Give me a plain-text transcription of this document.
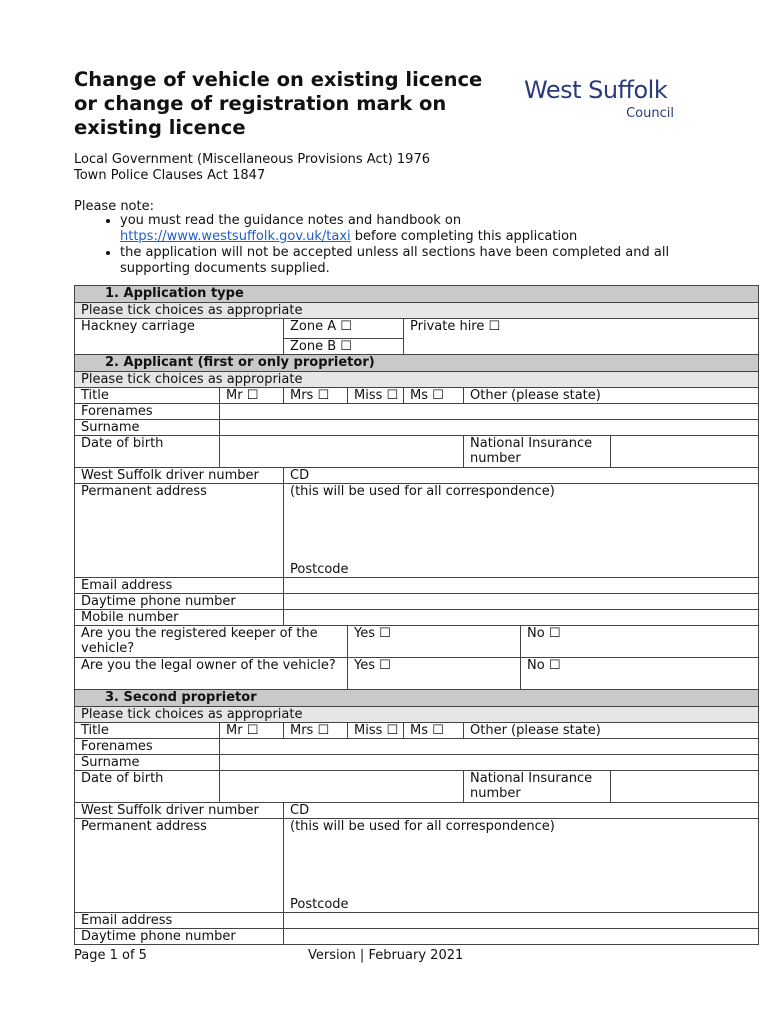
Change of vehicle on existing licence or change of registration mark on existing licence
West Suffolk
Council
Local Government (Miscellaneous Provisions Act) 1976
Town Police Clauses Act 1847
Please note:
• you must read the guidance notes and handbook on
https://www.westsuffolk.gov.uk/taxi before completing this application
• the application will not be accepted unless all sections have been completed and all supporting documents supplied.
1. Application type							
Please tick choices as appropriate							
Hackney carriage		Zone A ☐		Private hire ☐			
		Zone B ☐					
2. Applicant (first or only proprietor)							
Please tick choices as appropriate							
Title	Mr ☐	Mrs ☐	Miss ☐	Ms ☐	Other (please state)		
Forenames							
Surname							
Date of birth					National Insurance number		
West Suffolk driver number		CD					
Permanent address		(this will be used for all correspondence)
Postcode					

Email address							
Daytime phone number							
Mobile number							
Are you the registered keeper of the vehicle?			Yes ☐			No ☐	
Are you the legal owner of the vehicle?			Yes ☐			No ☐	
3. Second proprietor							
Please tick choices as appropriate							
Title	Mr ☐	Mrs ☐	Miss ☐	Ms ☐	Other (please state)		
Forenames							
Surname							
Date of birth					National Insurance number		
West Suffolk driver number		CD					
Permanent address		(this will be used for all correspondence)
Postcode					

Email address							
Daytime phone number							
Page 1 of 5	Version | February 2021
